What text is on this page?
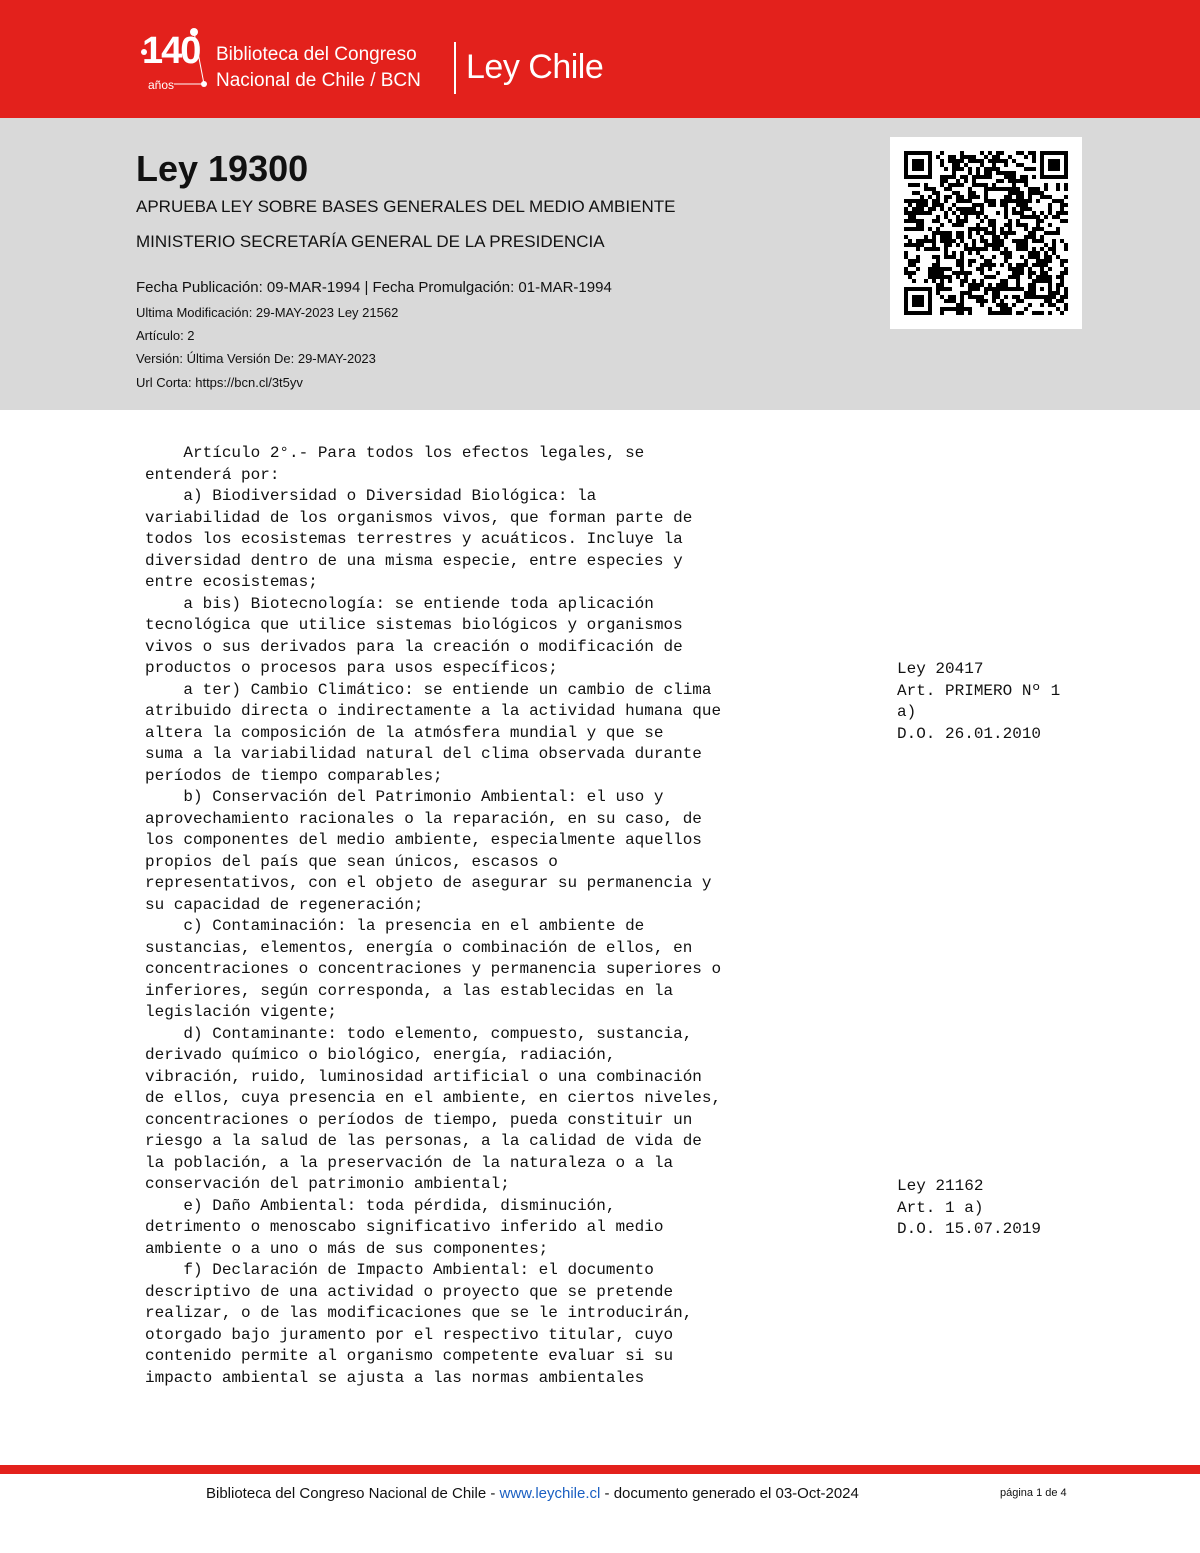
140
años
Biblioteca del Congreso
Nacional de Chile / BCN Ley Chile
Ley 19300
APRUEBA LEY SOBRE BASES GENERALES DEL MEDIO AMBIENTE
MINISTERIO SECRETARÍA GENERAL DE LA PRESIDENCIA
Fecha Publicación: 09-MAR-1994 | Fecha Promulgación: 01-MAR-1994
Ultima Modificación: 29-MAY-2023 Ley 21562
Artículo: 2
Versión: Última Versión De: 29-MAY-2023
Url Corta: https://bcn.cl/3t5yv
Artículo 2°.- Para todos los efectos legales, se
entenderá por:
a) Biodiversidad o Diversidad Biológica: la
variabilidad de los organismos vivos, que forman parte de
todos los ecosistemas terrestres y acuáticos. Incluye la
diversidad dentro de una misma especie, entre especies y
entre ecosistemas;
a bis) Biotecnología: se entiende toda aplicación
tecnológica que utilice sistemas biológicos y organismos
vivos o sus derivados para la creación o modificación de
productos o procesos para usos específicos;
a ter) Cambio Climático: se entiende un cambio de clima
atribuido directa o indirectamente a la actividad humana que
altera la composición de la atmósfera mundial y que se
suma a la variabilidad natural del clima observada durante
períodos de tiempo comparables;
b) Conservación del Patrimonio Ambiental: el uso y
aprovechamiento racionales o la reparación, en su caso, de
los componentes del medio ambiente, especialmente aquellos
propios del país que sean únicos, escasos o
representativos, con el objeto de asegurar su permanencia y
su capacidad de regeneración;
c) Contaminación: la presencia en el ambiente de
sustancias, elementos, energía o combinación de ellos, en
concentraciones o concentraciones y permanencia superiores o
inferiores, según corresponda, a las establecidas en la
legislación vigente;
d) Contaminante: todo elemento, compuesto, sustancia,
derivado químico o biológico, energía, radiación,
vibración, ruido, luminosidad artificial o una combinación
de ellos, cuya presencia en el ambiente, en ciertos niveles,
concentraciones o períodos de tiempo, pueda constituir un
riesgo a la salud de las personas, a la calidad de vida de
la población, a la preservación de la naturaleza o a la
conservación del patrimonio ambiental;
e) Daño Ambiental: toda pérdida, disminución,
detrimento o menoscabo significativo inferido al medio
ambiente o a uno o más de sus componentes;
f) Declaración de Impacto Ambiental: el documento
descriptivo de una actividad o proyecto que se pretende
realizar, o de las modificaciones que se le introducirán,
otorgado bajo juramento por el respectivo titular, cuyo
contenido permite al organismo competente evaluar si su
impacto ambiental se ajusta a las normas ambientales
Ley 20417
Art. PRIMERO Nº 1
a)
D.O. 26.01.2010
Ley 21162
Art. 1 a)
D.O. 15.07.2019
Biblioteca del Congreso Nacional de Chile - www.leychile.cl - documento generado el 03-Oct-2024	página 1 de 4
